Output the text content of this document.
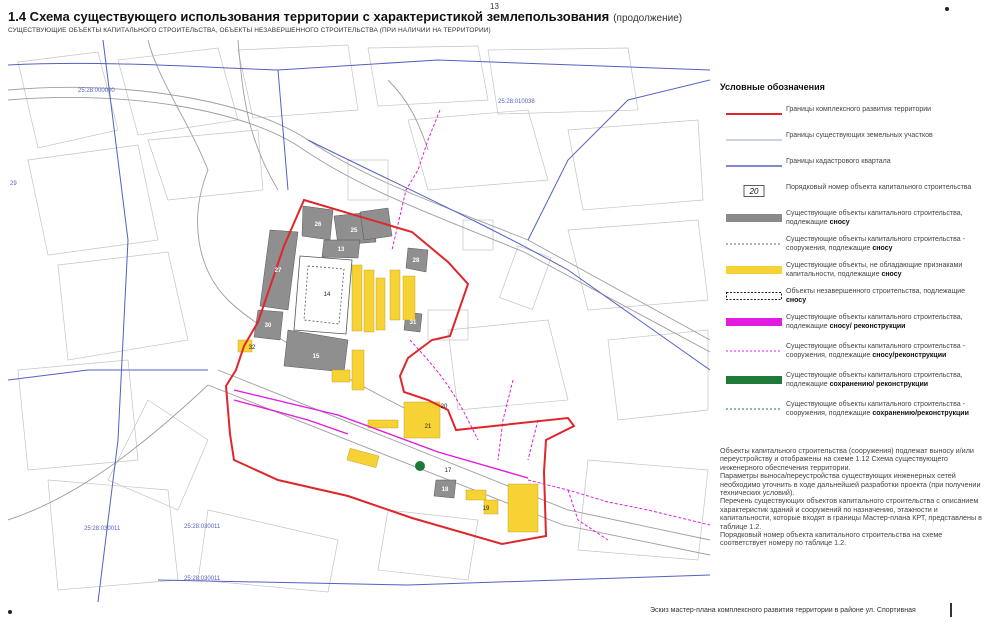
13
1.4 Схема существующего использования территории с характеристикой землепользования (продолжение)
СУЩЕСТВУЮЩИЕ ОБЪЕКТЫ КАПИТАЛЬНОГО СТРОИТЕЛЬСТВА, ОБЪЕКТЫ НЕЗАВЕРШЕННОГО СТРОИТЕЛЬСТВА (ПРИ НАЛИЧИИ НА ТЕРРИТОРИИ)
25:28:000000
25:28:010038
25:28:030011
25:28:030011
25:28:030011
29
26
25
27
13
28
31
30
15
18
14
20
21
32
17
19
Условные обозначения
Границы комплексного развития территории
Границы существующих земельных участков
Границы кадастрового квартала
20	Порядковый номер объекта капитального строительства
Существующие объекты капитального строительства, подлежащие сносу
Существующие объекты капитального строительства - сооружения, подлежащие сносу
Существующие объекты, не обладающие признаками капитальности, подлежащие сносу
Объекты незавершенного строительства, подлежащие сносу
Существующие объекты капитального строительства, подлежащие сносу/ реконструкции
Существующие объекты капитального строительства - сооружения, подлежащие сносу/реконструкции
Существующие объекты капитального строительства, подлежащие сохранению/ реконструкции
Существующие объекты капитального строительства - сооружения, подлежащие сохранению/реконструкции

Объекты капитального строительства (сооружения) подлежат выносу и/или переустройству и отображены на схеме 1.12 Схема существующего инженерного обеспечения территории.

Параметры выноса/переустройства существующих инженерных сетей необходимо уточнить в ходе дальнейшей разработки проекта (при получении технических условий).

Перечень существующих объектов капитального строительства с описанием характеристик зданий и сооружений по назначению, этажности и капитальности, которые входят в границы Мастер-плана КРТ, представлены в таблице 1.2.

Порядковый номер объекта капитального строительства на схеме соответствует номеру по таблице 1.2.

Эскиз мастер-плана комплексного развития территории в районе ул. Спортивная
